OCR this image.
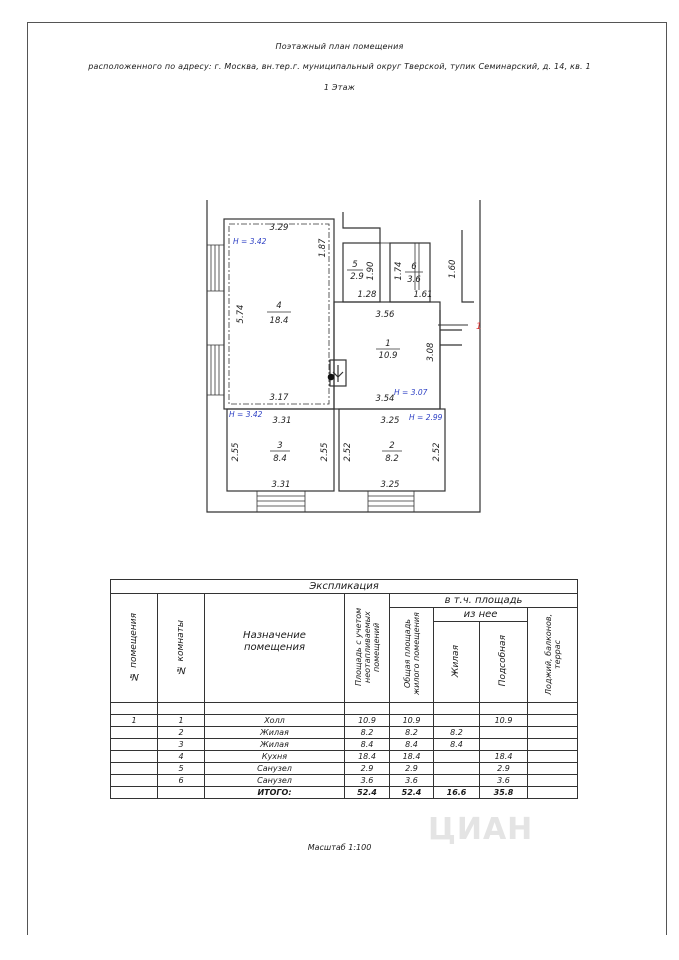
Поэтажный план помещения
расположенного по адресу: г. Москва, вн.тер.г. муниципальный округ Тверской, тупик Семинарский, д. 14, кв. 1
1 Этаж
4
18.4
5
2.9
6
3.6
1
10.9
3
8.4
2
8.2
3.29
1.87
5.74
3.17
1.90 1.74	1.60
1.28	1.61
3.56
3.08
3.54
3.31	3.25
2.55	2.55 2.52	2.52
3.31	3.25
H = 3.42
H = 3.07
H = 3.42	H = 2.99
1
Экспликация							
№ помещения	№ комнаты	Назначение помещения	Площадь с учетом неотапливаемых помещений	в т.ч. площадь			
				Общая площадь жилого помещения	из нее		Лоджий, балконов, террас
					Жилая	Подсобная	

1	1	Холл	10.9	10.9		10.9	
	2	Жилая	8.2	8.2	8.2		
	3	Жилая	8.4	8.4	8.4		
	4	Кухня	18.4	18.4		18.4	
	5	Санузел	2.9	2.9		2.9	
	6	Санузел	3.6	3.6		3.6	
		ИТОГО:	52.4	52.4	16.6	35.8	
ЦИАН
Масштаб 1:100
